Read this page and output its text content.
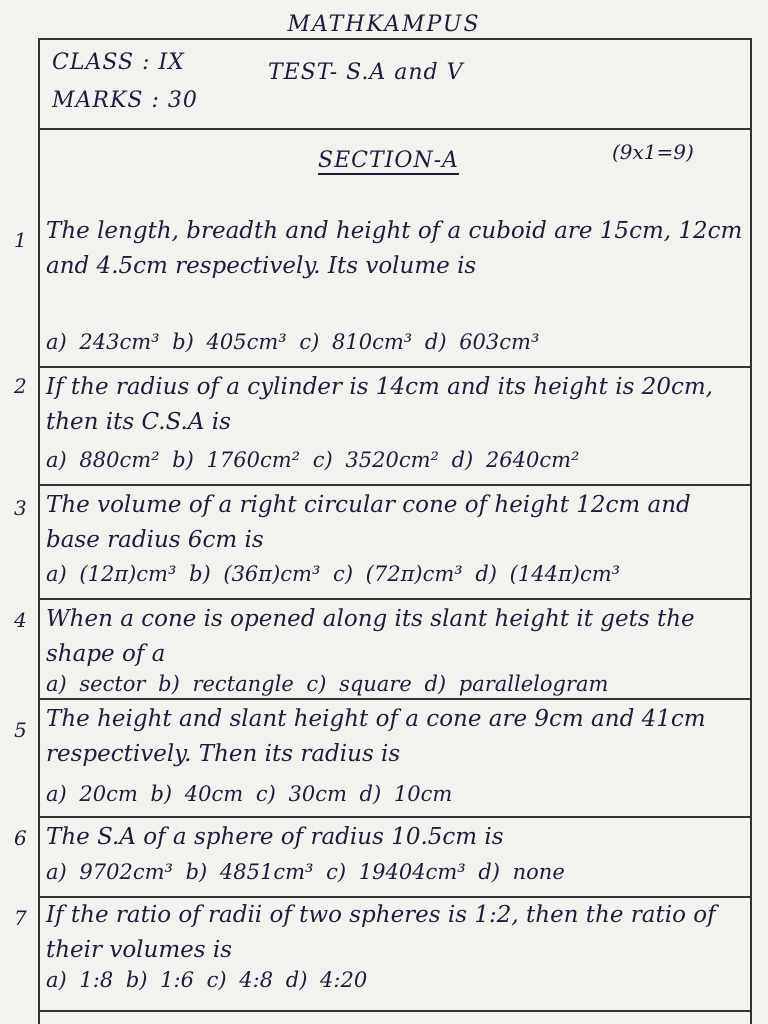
MATHKAMPUS
CLASS : IX
MARKS : 30
TEST- S.A and V
SECTION-A	(9x1=9)
1 The length, breadth and height of a cuboid are 15cm, 12cm and 4.5cm respectively. Its volume is
a) 243cm³ b) 405cm³ c) 810cm³ d) 603cm³
2 If the radius of a cylinder is 14cm and its height is 20cm, then its C.S.A is
a) 880cm² b) 1760cm² c) 3520cm² d) 2640cm²
3 The volume of a right circular cone of height 12cm and base radius 6cm is
a) (12π)cm³ b) (36π)cm³ c) (72π)cm³ d) (144π)cm³
4 When a cone is opened along its slant height it gets the shape of a
a) sector b) rectangle c) square d) parallelogram
5 The height and slant height of a cone are 9cm and 41cm respectively. Then its radius is
a) 20cm b) 40cm c) 30cm d) 10cm
6 The S.A of a sphere of radius 10.5cm is
a) 9702cm³ b) 4851cm³ c) 19404cm³ d) none
7 If the ratio of radii of two spheres is 1:2, then the ratio of their volumes is
a) 1:8 b) 1:6 c) 4:8 d) 4:20
